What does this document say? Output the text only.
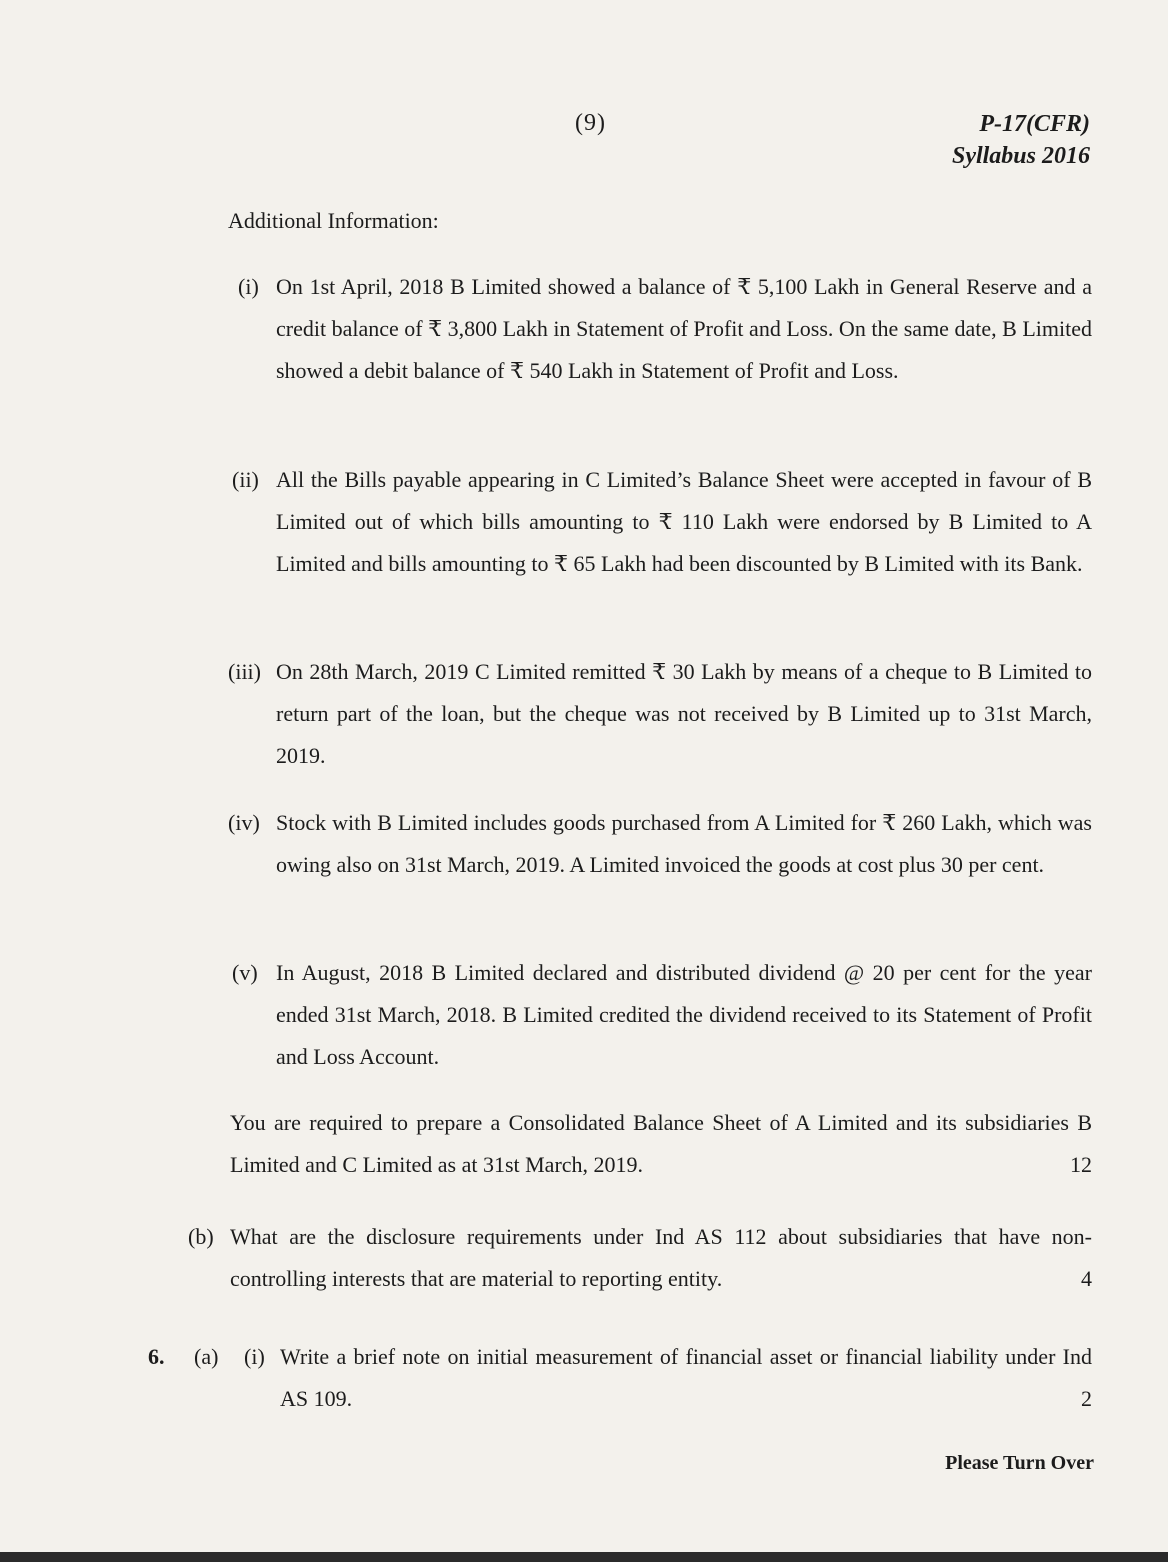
(9)	P-17(CFR)
Syllabus 2016
Additional Information:
(i) On 1st April, 2018 B Limited showed a balance of ₹ 5,100 Lakh in General Reserve and a credit balance of ₹ 3,800 Lakh in Statement of Profit and Loss. On the same date, B Limited showed a debit balance of ₹ 540 Lakh in Statement of Profit and Loss.
(ii) All the Bills payable appearing in C Limited’s Balance Sheet were accepted in favour of B Limited out of which bills amounting to ₹ 110 Lakh were endorsed by B Limited to A Limited and bills amounting to ₹ 65 Lakh had been discounted by B Limited with its Bank.
(iii) On 28th March, 2019 C Limited remitted ₹ 30 Lakh by means of a cheque to B Limited to return part of the loan, but the cheque was not received by B Limited up to 31st March, 2019.
(iv) Stock with B Limited includes goods purchased from A Limited for ₹ 260 Lakh, which was owing also on 31st March, 2019. A Limited invoiced the goods at cost plus 30 per cent.
(v) In August, 2018 B Limited declared and distributed dividend @ 20 per cent for the year ended 31st March, 2018. B Limited credited the dividend received to its Statement of Profit and Loss Account.
You are required to prepare a Consolidated Balance Sheet of A Limited and its subsidiaries B Limited and C Limited as at 31st March, 2019.	12
(b) What are the disclosure requirements under Ind AS 112 about subsidiaries that have non-controlling interests that are material to reporting entity.	4
6. (a) (i) Write a brief note on initial measurement of financial asset or financial liability under Ind AS 109.	2
Please Turn Over
